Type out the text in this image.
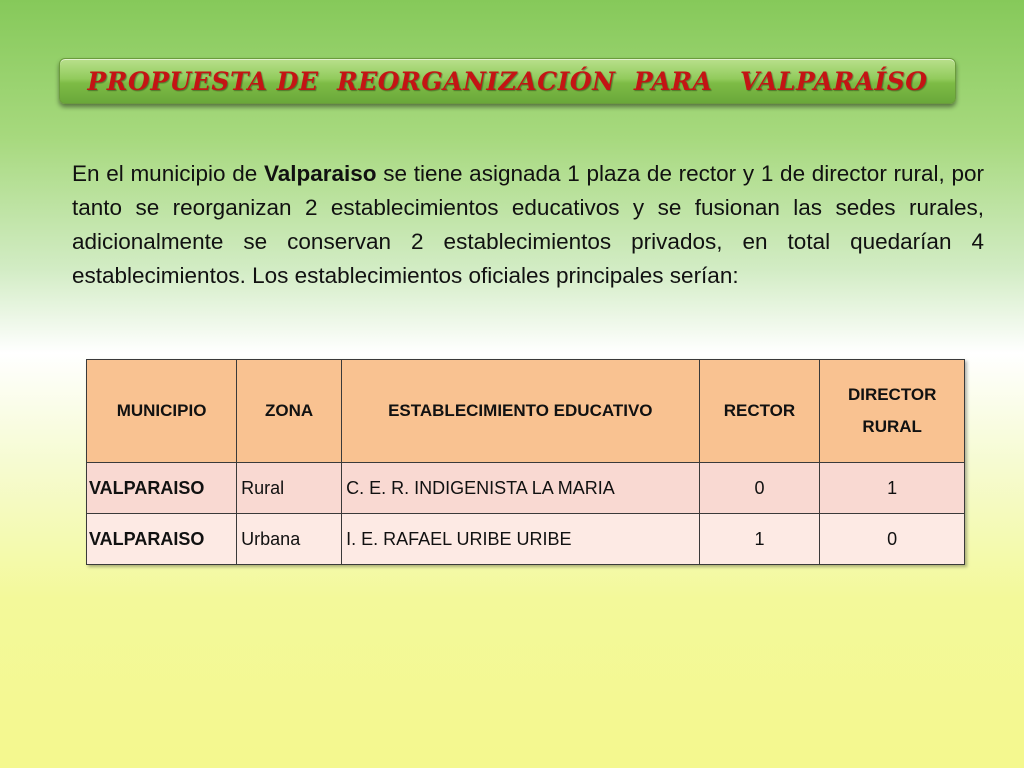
PROPUESTA DE  REORGANIZACIÓN  PARA   VALPARAÍSO

En el municipio de Valparaiso se tiene asignada 1 plaza de rector y 1 de director rural, por tanto se reorganizan 2 establecimientos educativos y se fusionan las sedes rurales, adicionalmente se conservan 2 establecimientos privados, en total quedarían 4 establecimientos. Los establecimientos oficiales principales serían:

MUNICIPIO	ZONA	ESTABLECIMIENTO EDUCATIVO	RECTOR	DIRECTOR RURAL
VALPARAISO	Rural	C. E. R. INDIGENISTA LA MARIA	0	1
VALPARAISO	Urbana	I. E. RAFAEL URIBE URIBE	1	0
